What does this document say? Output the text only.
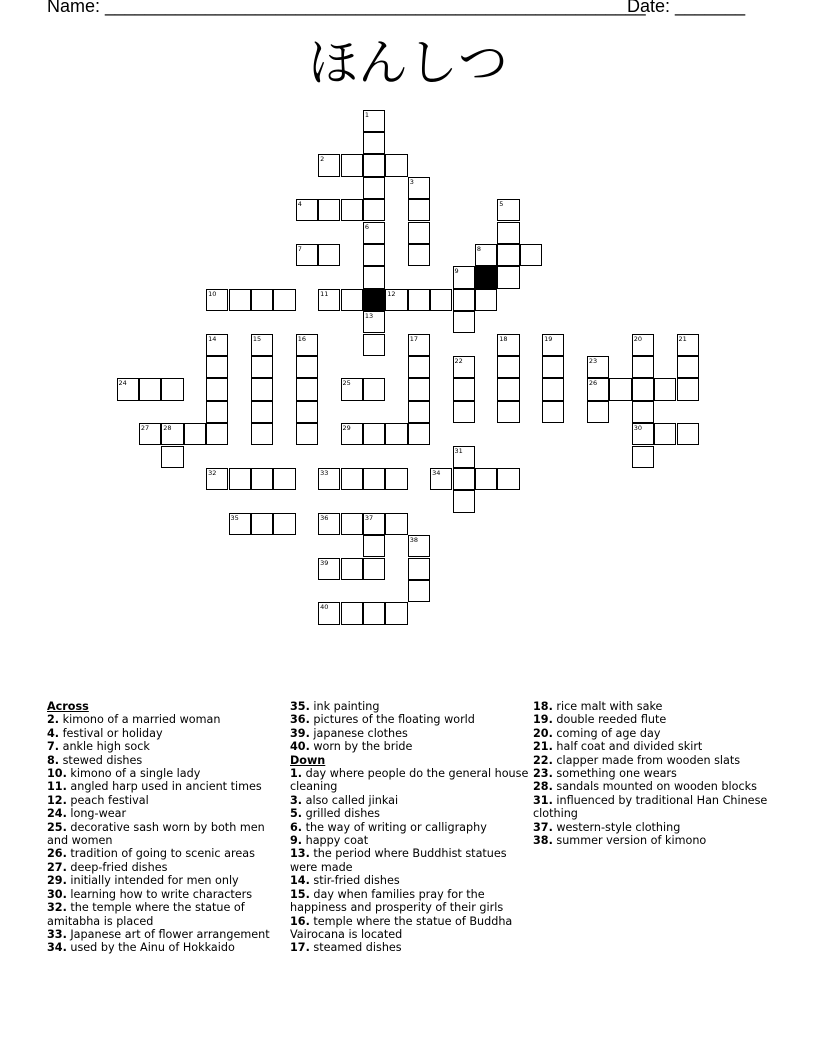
Name: ______________________________________________________
Date: _______
ほんしつ
1
2
3
4	5
6
7	8
9
10	11	12
13
14	15	16	17	18	19	20
30
21
22	23
26
24	25
27 28	29
31
32	33	34
35	36	37
38
39
40
Across
2. kimono of a married woman
4. festival or holiday
7. ankle high sock
8. stewed dishes
10. kimono of a single lady
11. angled harp used in ancient times
12. peach festival
24. long-wear
25. decorative sash worn by both men and women
26. tradition of going to scenic areas
27. deep-fried dishes
29. initially intended for men only
30. learning how to write characters
32. the temple where the statue of amitabha is placed
33. Japanese art of flower arrangement
34. used by the Ainu of Hokkaido
35. ink painting
36. pictures of the floating world
39. japanese clothes
40. worn by the bride
Down
1. day where people do the general house cleaning
3. also called jinkai
5. grilled dishes
6. the way of writing or calligraphy
9. happy coat
13. the period where Buddhist statues were made
14. stir-fried dishes
15. day when families pray for the happiness and prosperity of their girls
16. temple where the statue of Buddha Vairocana is located
17. steamed dishes
18. rice malt with sake
19. double reeded flute
20. coming of age day
21. half coat and divided skirt
22. clapper made from wooden slats
23. something one wears
28. sandals mounted on wooden blocks
31. influenced by traditional Han Chinese clothing
37. western-style clothing
38. summer version of kimono
